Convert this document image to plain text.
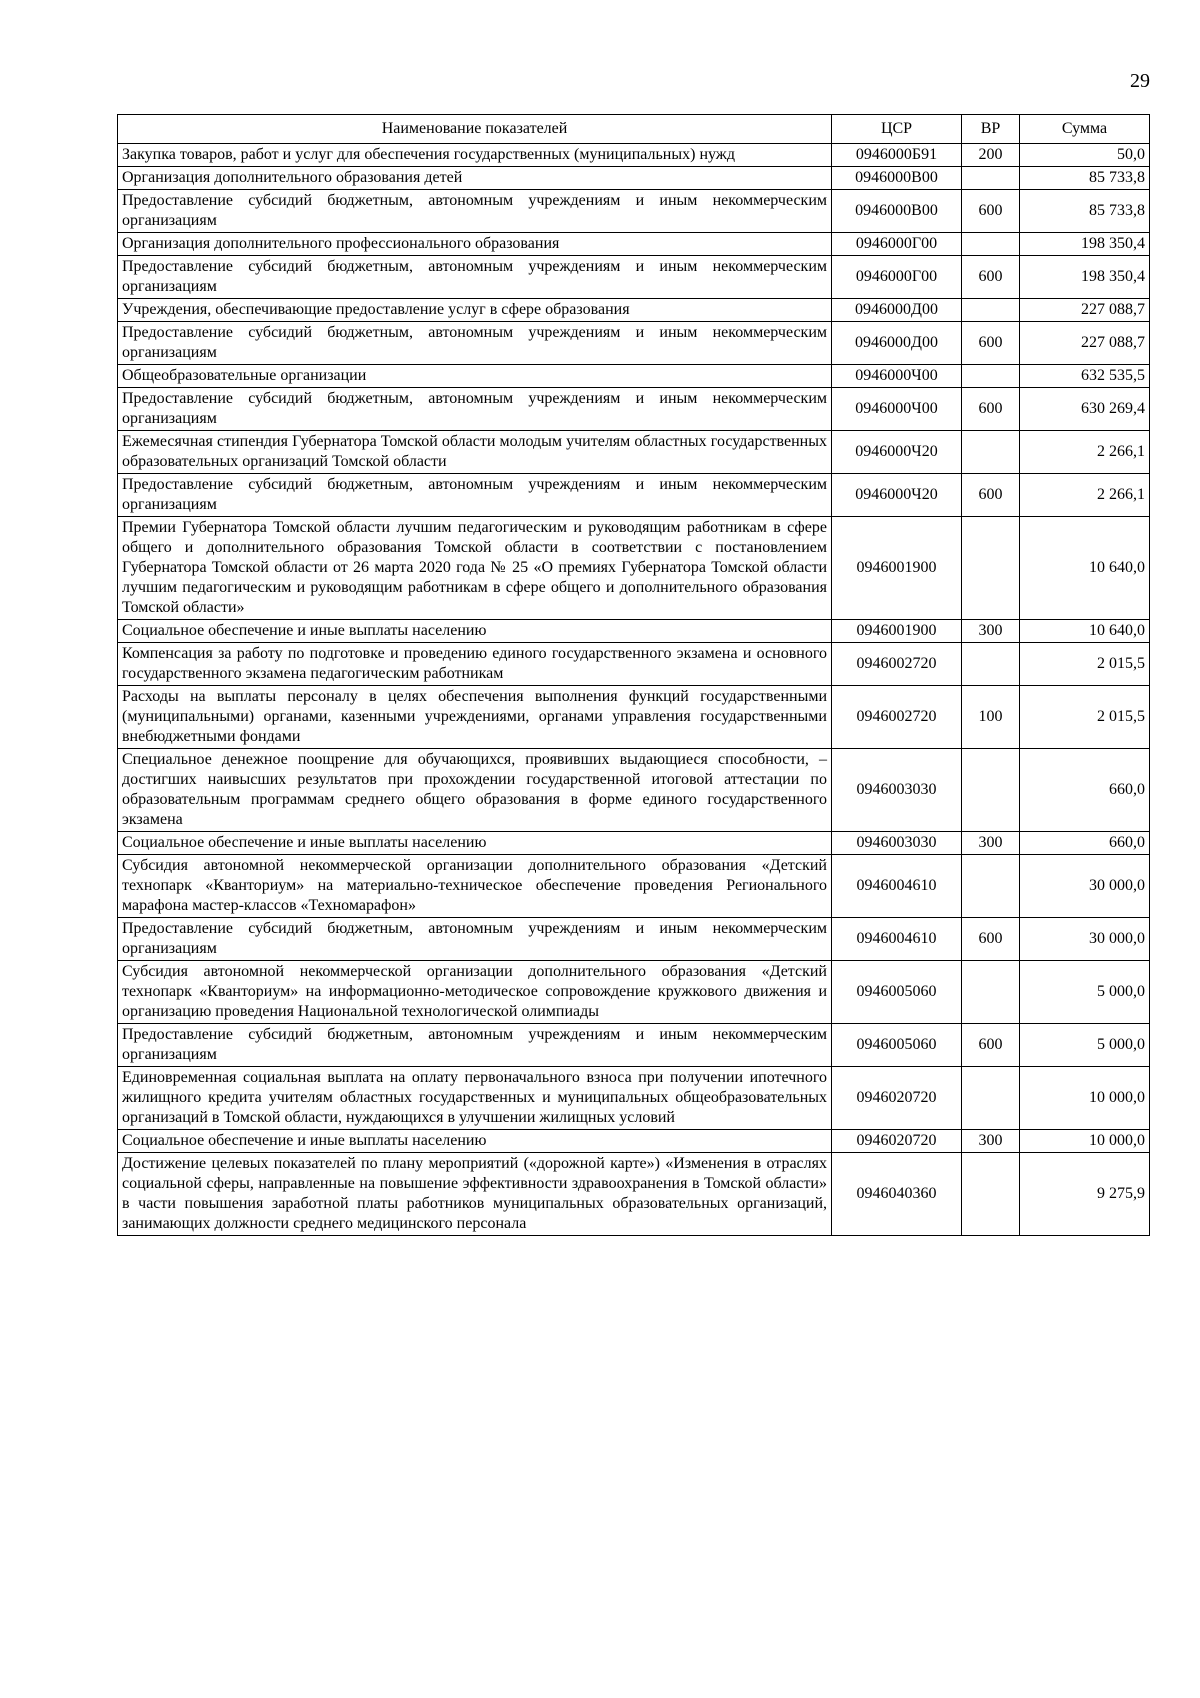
29
Наименование показателей	ЦСР	ВР	Сумма
Закупка товаров, работ и услуг для обеспечения государственных (муниципальных) нужд	0946000Б91	200	50,0
Организация дополнительного образования детей	0946000В00		85 733,8
Предоставление субсидий бюджетным, автономным учреждениям и иным некоммерческим организациям	0946000В00	600	85 733,8
Организация дополнительного профессионального образования	0946000Г00		198 350,4
Предоставление субсидий бюджетным, автономным учреждениям и иным некоммерческим организациям	0946000Г00	600	198 350,4
Учреждения, обеспечивающие предоставление услуг в сфере образования	0946000Д00		227 088,7
Предоставление субсидий бюджетным, автономным учреждениям и иным некоммерческим организациям	0946000Д00	600	227 088,7
Общеобразовательные организации	0946000Ч00		632 535,5
Предоставление субсидий бюджетным, автономным учреждениям и иным некоммерческим организациям	0946000Ч00	600	630 269,4
Ежемесячная стипендия Губернатора Томской области молодым учителям областных государственных образовательных организаций Томской области	0946000Ч20		2 266,1
Предоставление субсидий бюджетным, автономным учреждениям и иным некоммерческим организациям	0946000Ч20	600	2 266,1
Премии Губернатора Томской области лучшим педагогическим и руководящим работникам в сфере общего и дополнительного образования Томской области в соответствии с постановлением Губернатора Томской области от 26 марта 2020 года № 25 «О премиях Губернатора Томской области лучшим педагогическим и руководящим работникам в сфере общего и дополнительного образования Томской области»	0946001900		10 640,0
Социальное обеспечение и иные выплаты населению	0946001900	300	10 640,0
Компенсация за работу по подготовке и проведению единого государственного экзамена и основного государственного экзамена педагогическим работникам	0946002720		2 015,5
Расходы на выплаты персоналу в целях обеспечения выполнения функций государственными (муниципальными) органами, казенными учреждениями, органами управления государственными внебюджетными фондами	0946002720	100	2 015,5
Специальное денежное поощрение для обучающихся, проявивших выдающиеся способности, – достигших наивысших результатов при прохождении государственной итоговой аттестации по образовательным программам среднего общего образования в форме единого государственного экзамена	0946003030		660,0
Социальное обеспечение и иные выплаты населению	0946003030	300	660,0
Субсидия автономной некоммерческой организации дополнительного образования «Детский технопарк «Кванториум» на материально-техническое обеспечение проведения Регионального марафона мастер-классов «Техномарафон»	0946004610		30 000,0
Предоставление субсидий бюджетным, автономным учреждениям и иным некоммерческим организациям	0946004610	600	30 000,0
Субсидия автономной некоммерческой организации дополнительного образования «Детский технопарк «Кванториум» на информационно-методическое сопровождение кружкового движения и организацию проведения Национальной технологической олимпиады	0946005060		5 000,0
Предоставление субсидий бюджетным, автономным учреждениям и иным некоммерческим организациям	0946005060	600	5 000,0
Единовременная социальная выплата на оплату первоначального взноса при получении ипотечного жилищного кредита учителям областных государственных и муниципальных общеобразовательных организаций в Томской области, нуждающихся в улучшении жилищных условий	0946020720		10 000,0
Социальное обеспечение и иные выплаты населению	0946020720	300	10 000,0
Достижение целевых показателей по плану мероприятий («дорожной карте») «Изменения в отраслях социальной сферы, направленные на повышение эффективности здравоохранения в Томской области» в части повышения заработной платы работников муниципальных образовательных организаций, занимающих должности среднего медицинского персонала	0946040360		9 275,9
